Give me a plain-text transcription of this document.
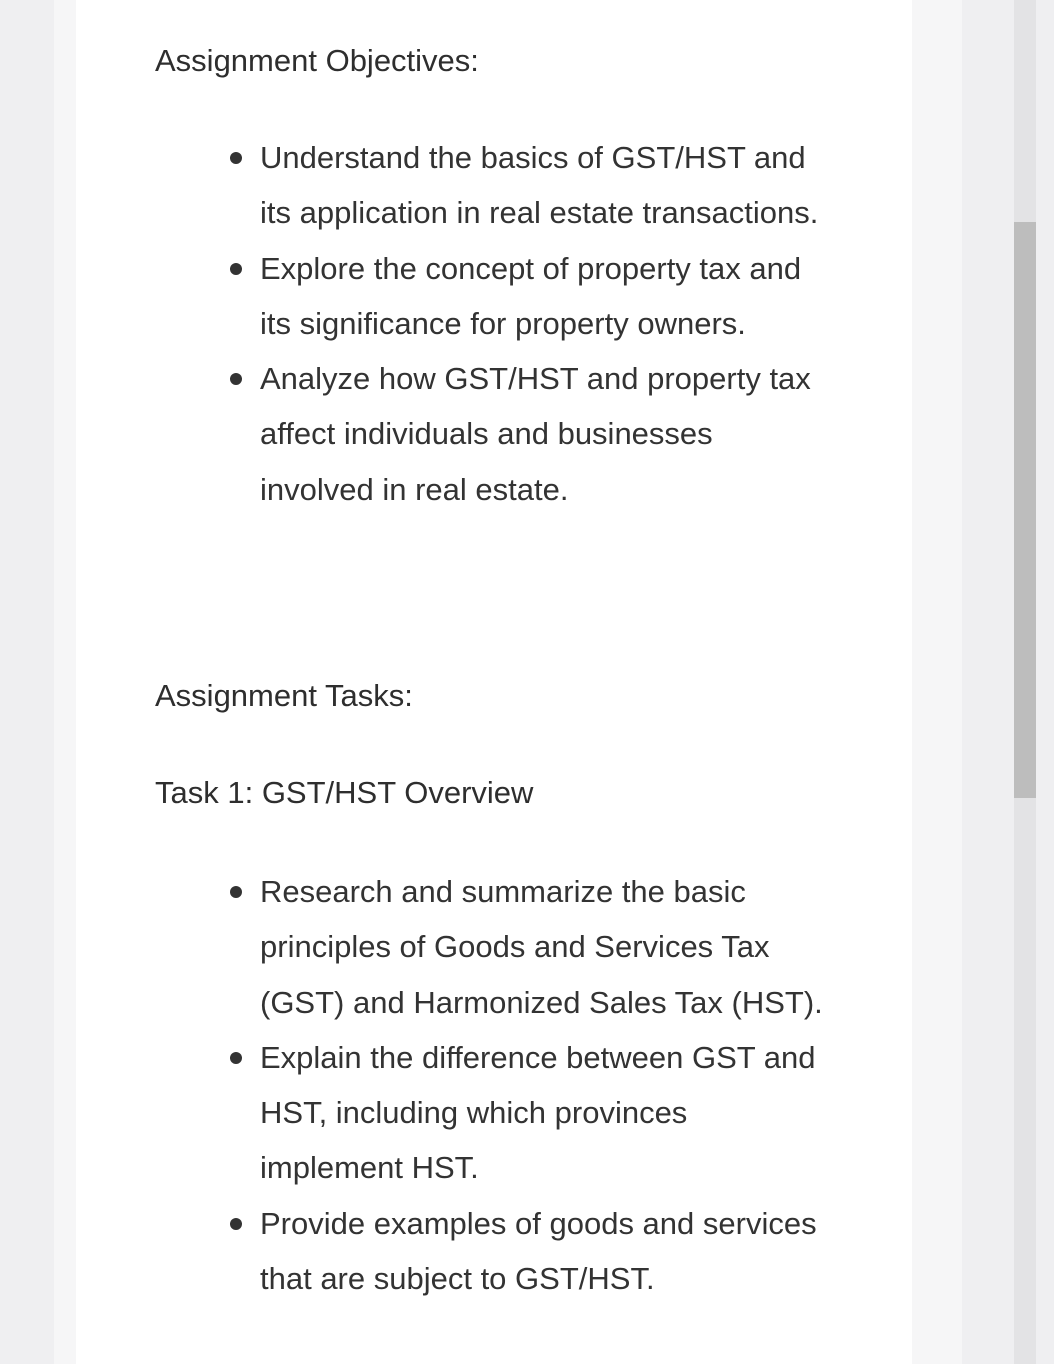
Assignment Objectives:
Understand the basics of GST/HST and its application in real estate transactions.
Explore the concept of property tax and its significance for property owners.
Analyze how GST/HST and property tax affect individuals and businesses involved in real estate.
Assignment Tasks:
Task 1: GST/HST Overview
Research and summarize the basic principles of Goods and Services Tax (GST) and Harmonized Sales Tax (HST).
Explain the difference between GST and HST, including which provinces implement HST.
Provide examples of goods and services that are subject to GST/HST.
